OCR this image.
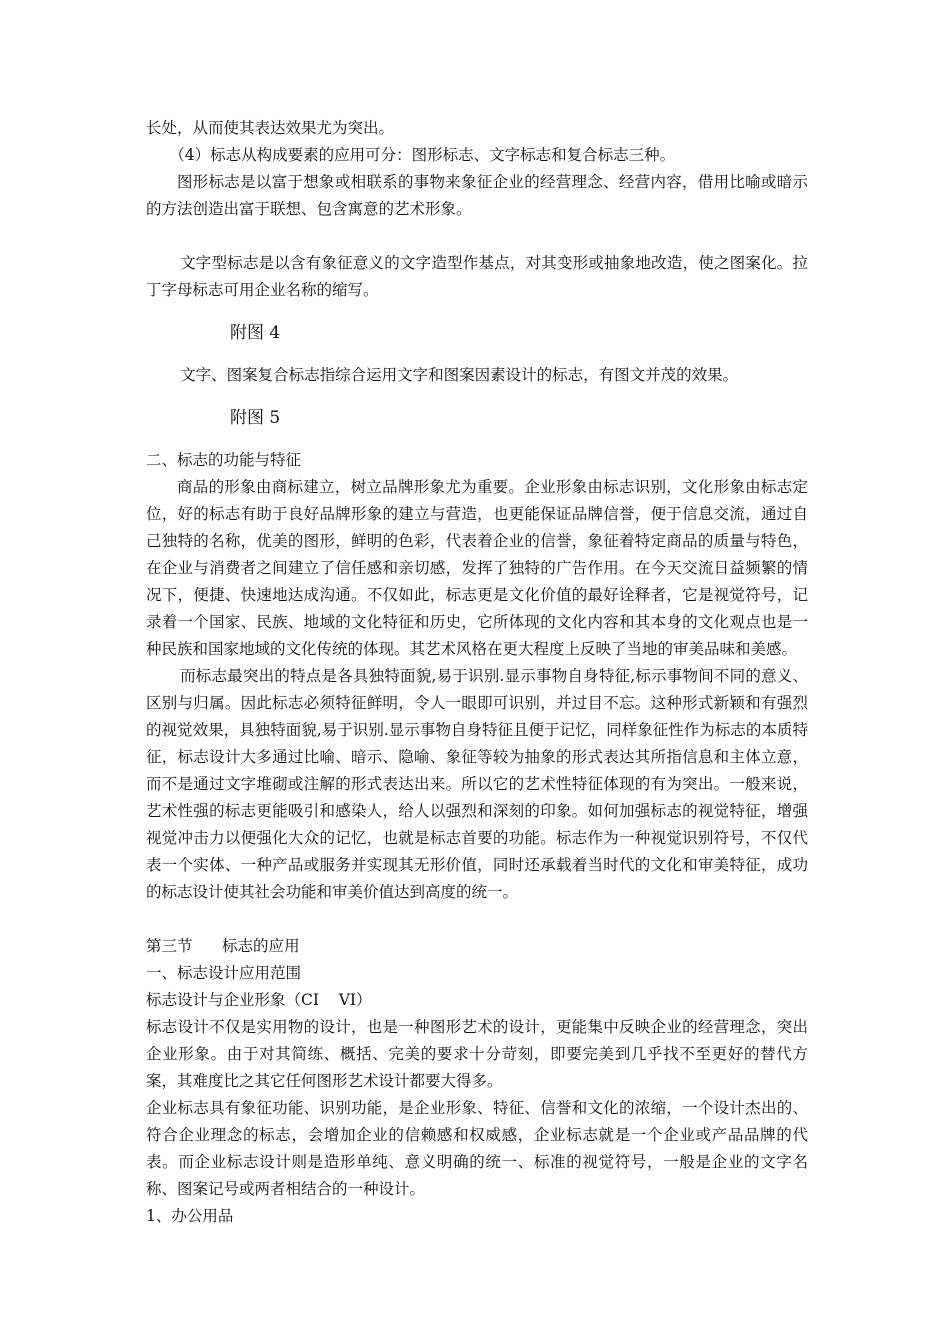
长处，从而使其表达效果尤为突出。

（4）标志从构成要素的应用可分：图形标志、文字标志和复合标志三种。

图形标志是以富于想象或相联系的事物来象征企业的经营理念、经营内容，借用比喻或暗示的方法创造出富于联想、包含寓意的艺术形象。

文字型标志是以含有象征意义的文字造型作基点，对其变形或抽象地改造，使之图案化。拉丁字母标志可用企业名称的缩写。

附图 4

文字、图案复合标志指综合运用文字和图案因素设计的标志，有图文并茂的效果。

附图 5

二、标志的功能与特征

商品的形象由商标建立，树立品牌形象尤为重要。企业形象由标志识别，文化形象由标志定位，好的标志有助于良好品牌形象的建立与营造，也更能保证品牌信誉，便于信息交流，通过自己独特的名称，优美的图形，鲜明的色彩，代表着企业的信誉，象征着特定商品的质量与特色，在企业与消费者之间建立了信任感和亲切感，发挥了独特的广告作用。在今天交流日益频繁的情况下，便捷、快速地达成沟通。不仅如此，标志更是文化价值的最好诠释者，它是视觉符号，记录着一个国家、民族、地域的文化特征和历史，它所体现的文化内容和其本身的文化观点也是一种民族和国家地域的文化传统的体现。其艺术风格在更大程度上反映了当地的审美品味和美感。

而标志最突出的特点是各具独特面貌,易于识别.显示事物自身特征,标示事物间不同的意义、区别与归属。因此标志必须特征鲜明，令人一眼即可识别，并过目不忘。这种形式新颖和有强烈的视觉效果，具独特面貌,易于识别.显示事物自身特征且便于记忆，同样象征性作为标志的本质特征，标志设计大多通过比喻、暗示、隐喻、象征等较为抽象的形式表达其所指信息和主体立意，而不是通过文字堆砌或注解的形式表达出来。所以它的艺术性特征体现的有为突出。一般来说，艺术性强的标志更能吸引和感染人，给人以强烈和深刻的印象。如何加强标志的视觉特征，增强视觉冲击力以便强化大众的记忆，也就是标志首要的功能。标志作为一种视觉识别符号，不仅代表一个实体、一种产品或服务并实现其无形价值，同时还承载着当时代的文化和审美特征，成功的标志设计使其社会功能和审美价值达到高度的统一。

第三节      标志的应用

一、标志设计应用范围

标志设计与企业形象（CI    VI）

标志设计不仅是实用物的设计，也是一种图形艺术的设计，更能集中反映企业的经营理念，突出企业形象。由于对其简练、概括、完美的要求十分苛刻，即要完美到几乎找不至更好的替代方案，其难度比之其它任何图形艺术设计都要大得多。

企业标志具有象征功能、识别功能，是企业形象、特征、信誉和文化的浓缩，一个设计杰出的、符合企业理念的标志，会增加企业的信赖感和权威感，企业标志就是一个企业或产品品牌的代表。而企业标志设计则是造形单纯、意义明确的统一、标准的视觉符号，一般是企业的文字名称、图案记号或两者相结合的一种设计。

1、办公用品
